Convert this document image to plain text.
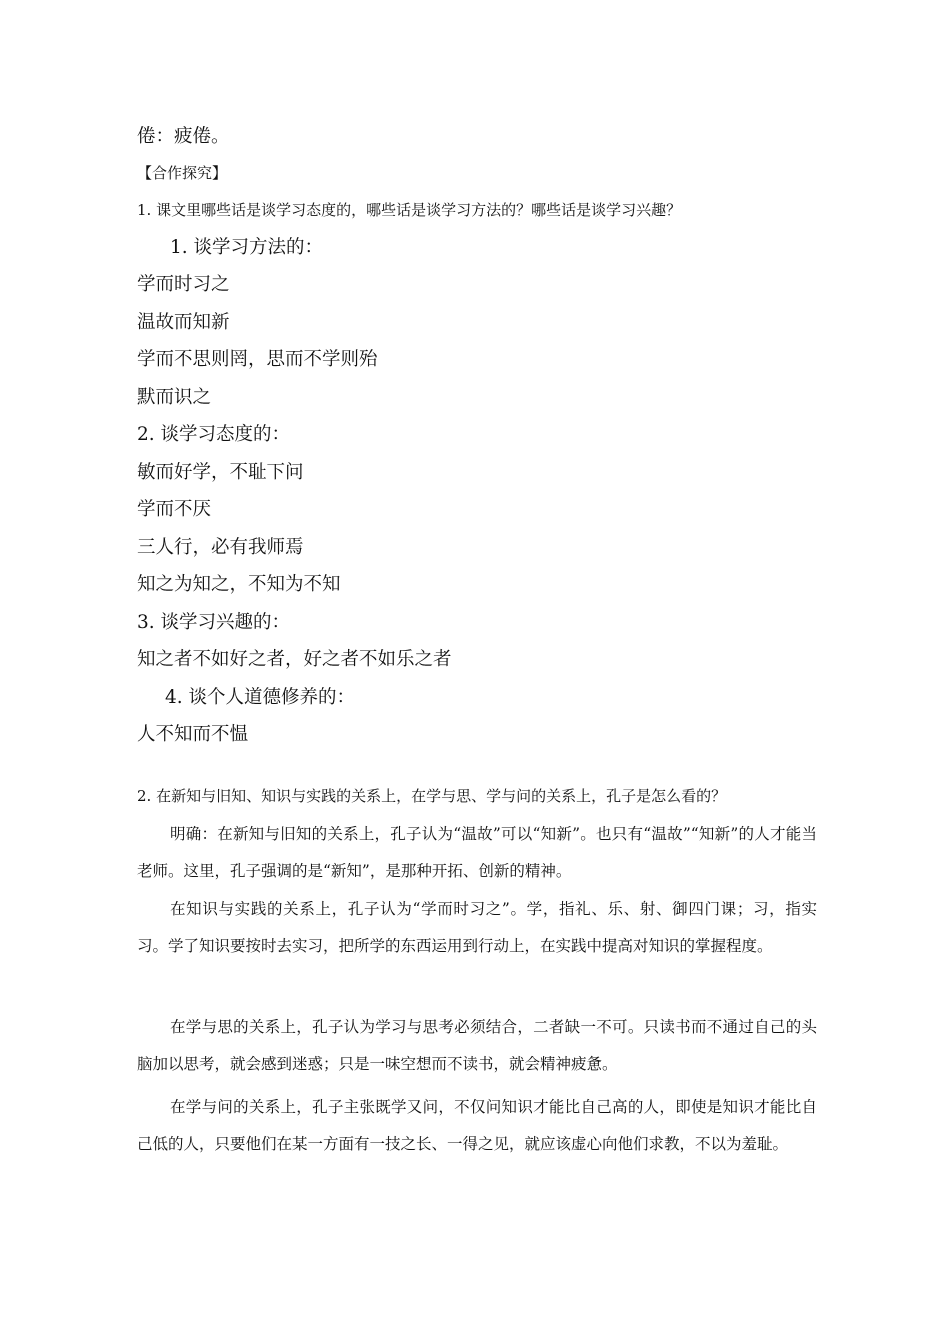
倦：疲倦。
【合作探究】
1. 课文里哪些话是谈学习态度的，哪些话是谈学习方法的？哪些话是谈学习兴趣？
1. 谈学习方法的：
学而时习之
温故而知新
学而不思则罔，思而不学则殆
默而识之
2. 谈学习态度的：
敏而好学，不耻下问
学而不厌
三人行，必有我师焉
知之为知之，不知为不知
3. 谈学习兴趣的：
知之者不如好之者，好之者不如乐之者
4. 谈个人道德修养的：
人不知而不愠
2. 在新知与旧知、知识与实践的关系上，在学与思、学与问的关系上，孔子是怎么看的？

明确：在新知与旧知的关系上，孔子认为“温故”可以“知新”。也只有“温故”“知新”的人才能当老师。这里，孔子强调的是“新知”，是那种开拓、创新的精神。

在知识与实践的关系上，孔子认为“学而时习之”。学，指礼、乐、射、御四门课；习，指实习。学了知识要按时去实习，把所学的东西运用到行动上，在实践中提高对知识的掌握程度。

在学与思的关系上，孔子认为学习与思考必须结合，二者缺一不可。只读书而不通过自己的头脑加以思考，就会感到迷惑；只是一味空想而不读书，就会精神疲惫。

在学与问的关系上，孔子主张既学又问，不仅问知识才能比自己高的人，即使是知识才能比自己低的人，只要他们在某一方面有一技之长、一得之见，就应该虚心向他们求教，不以为羞耻。
